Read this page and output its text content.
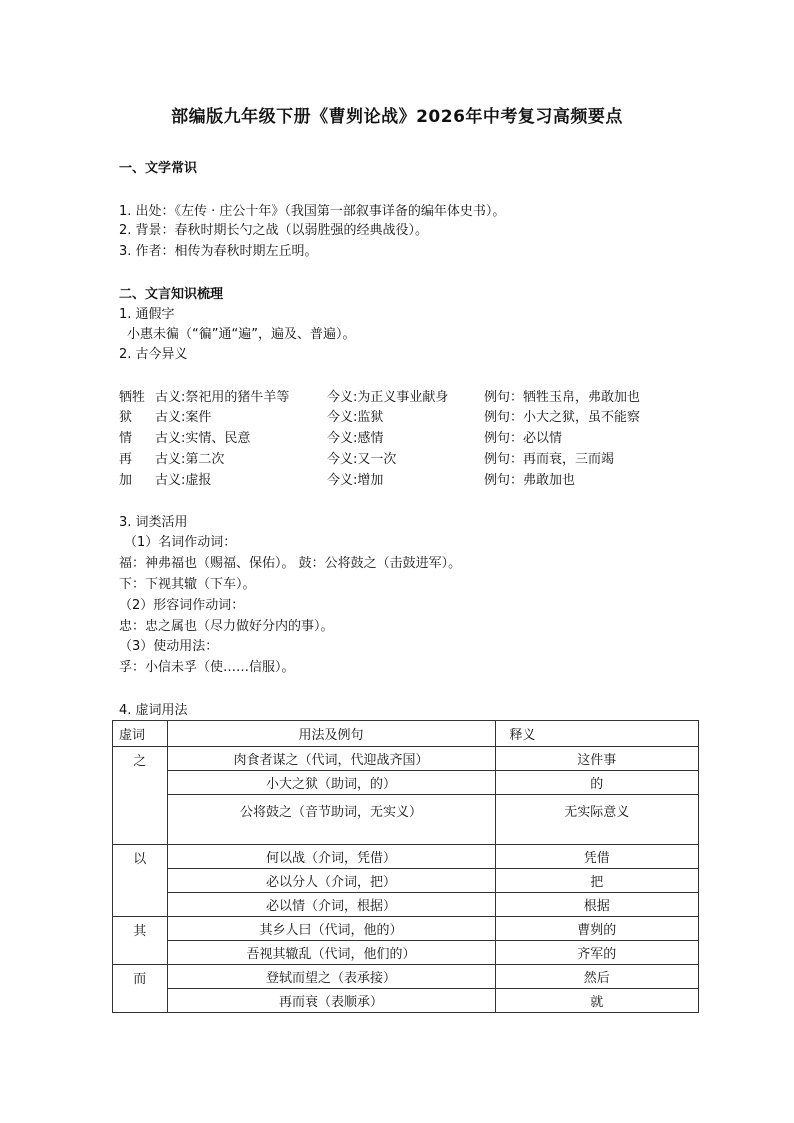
部编版九年级下册《曹刿论战》2026年中考复习高频要点
一、文学常识
1. 出处：《左传 · 庄公十年》（我国第一部叙事详备的编年体史书）。
2. 背景：春秋时期长勺之战（以弱胜强的经典战役）。
3. 作者：相传为春秋时期左丘明。
二、文言知识梳理
1. 通假字
小惠未徧（“徧”通“遍”，遍及、普遍）。
2. 古今异义
牺牲 古义:祭祀用的猪牛羊等	今义:为正义事业献身	例句：牺牲玉帛，弗敢加也
狱 古义:案件	今义:监狱	例句：小大之狱，虽不能察
情 古义:实情、民意	今义:感情	例句：必以情
再 古义:第二次	今义:又一次	例句：再而衰，三而竭
加 古义:虚报	今义:增加	例句：弗敢加也
3. 词类活用
（1）名词作动词：
福：神弗福也（赐福、保佑）。 鼓：公将鼓之（击鼓进军）。
下：下视其辙（下车）。
（2）形容词作动词：
忠：忠之属也（尽力做好分内的事）。
（3）使动用法：
孚：小信未孚（使……信服）。
4. 虚词用法
虚词	用法及例句	释义
之	肉食者谋之（代词，代迎战齐国）	这件事
	小大之狱（助词，的）	的
	公将鼓之（音节助词，无实义）	无实际意义
以	何以战（介词，凭借）	凭借
	必以分人（介词，把）	把
	必以情（介词，根据）	根据
其	其乡人曰（代词，他的）	曹刿的
	吾视其辙乱（代词，他们的）	齐军的
而	登轼而望之（表承接）	然后
	再而衰（表顺承）	就
